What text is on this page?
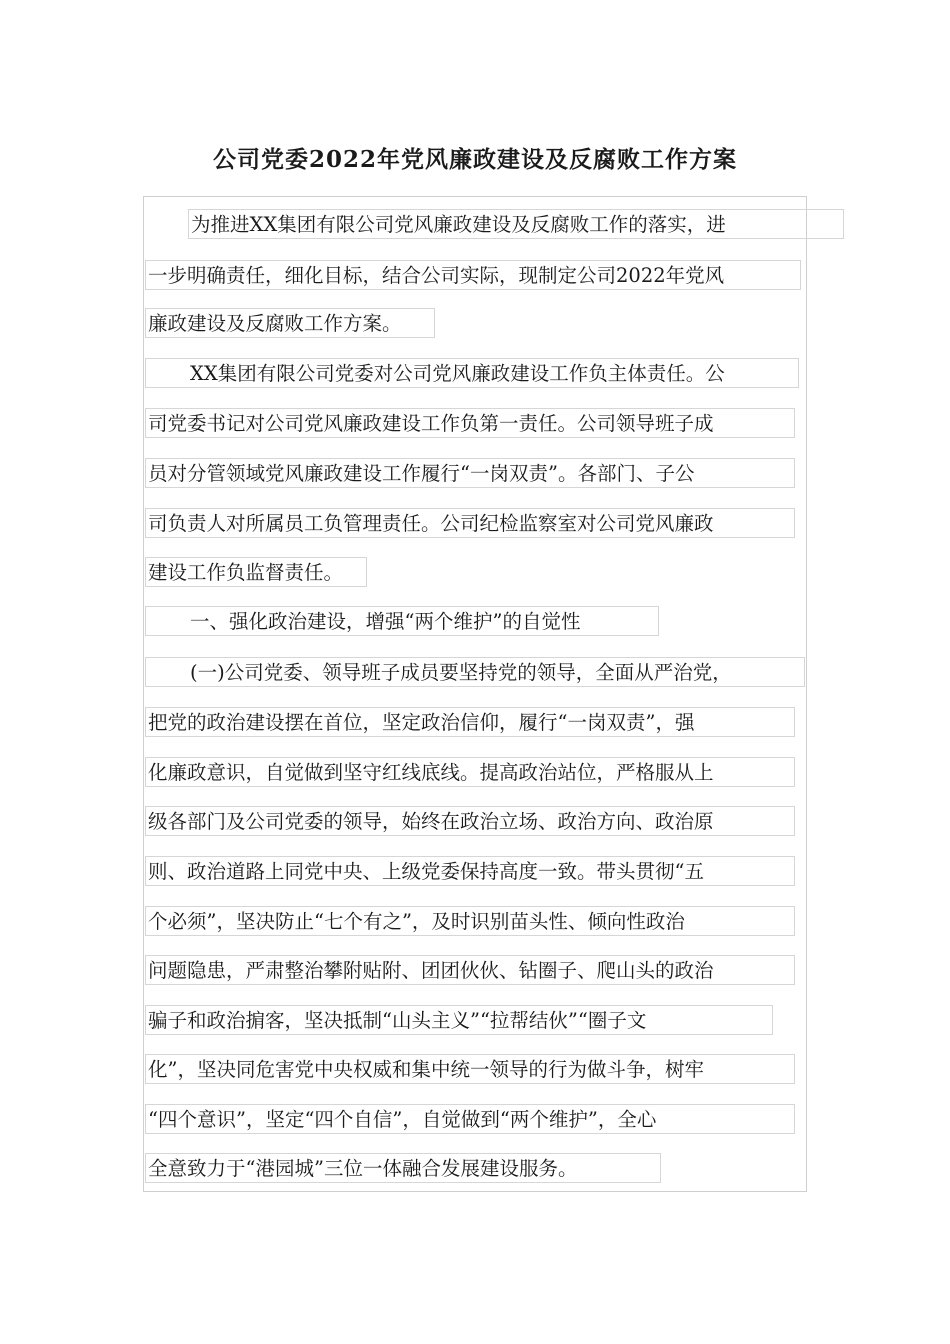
公司党委2022年党风廉政建设及反腐败工作方案
为推进XX集团有限公司党风廉政建设及反腐败工作的落实，进
一步明确责任，细化目标，结合公司实际，现制定公司2022年党风
廉政建设及反腐败工作方案。
XX集团有限公司党委对公司党风廉政建设工作负主体责任。公
司党委书记对公司党风廉政建设工作负第一责任。公司领导班子成
员对分管领域党风廉政建设工作履行“一岗双责”。各部门、子公
司负责人对所属员工负管理责任。公司纪检监察室对公司党风廉政
建设工作负监督责任。
一、强化政治建设，增强“两个维护”的自觉性
(一)公司党委、领导班子成员要坚持党的领导，全面从严治党，
把党的政治建设摆在首位，坚定政治信仰，履行“一岗双责”，强
化廉政意识，自觉做到坚守红线底线。提高政治站位，严格服从上
级各部门及公司党委的领导，始终在政治立场、政治方向、政治原
则、政治道路上同党中央、上级党委保持高度一致。带头贯彻“五
个必须”，坚决防止“七个有之”，及时识别苗头性、倾向性政治
问题隐患，严肃整治攀附贴附、团团伙伙、钻圈子、爬山头的政治
骗子和政治掮客，坚决抵制“山头主义”“拉帮结伙”“圈子文
化”，坚决同危害党中央权威和集中统一领导的行为做斗争，树牢
“四个意识”，坚定“四个自信”，自觉做到“两个维护”，全心
全意致力于“港园城”三位一体融合发展建设服务。
